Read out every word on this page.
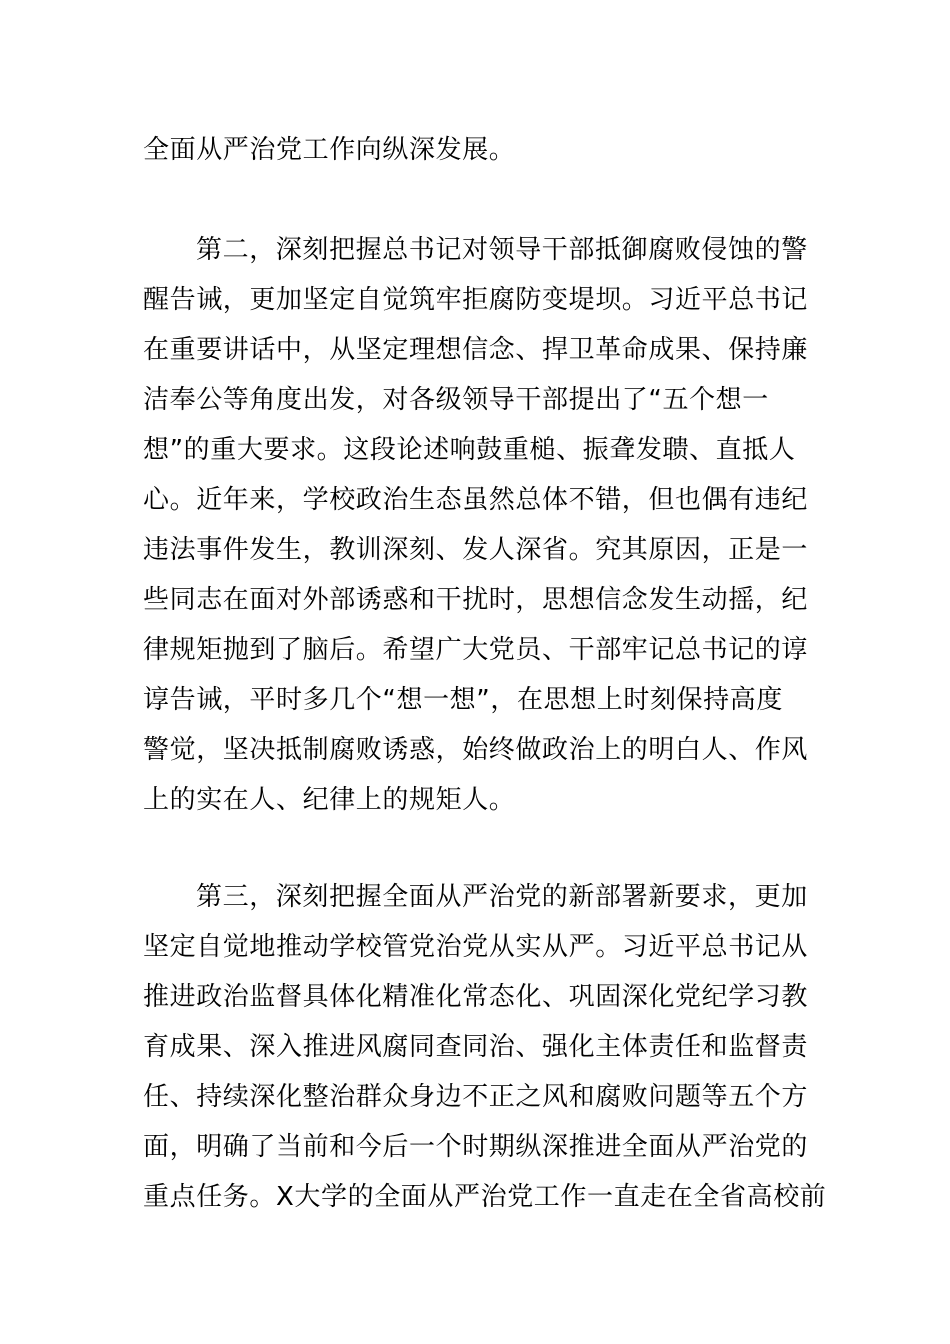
全面从严治党工作向纵深发展。
第二，深刻把握总书记对领导干部抵御腐败侵蚀的警
醒告诫，更加坚定自觉筑牢拒腐防变堤坝。习近平总书记
在重要讲话中，从坚定理想信念、捍卫革命成果、保持廉
洁奉公等角度出发，对各级领导干部提出了“五个想一
想”的重大要求。这段论述响鼓重槌、振聋发聩、直抵人
心。近年来，学校政治生态虽然总体不错，但也偶有违纪
违法事件发生，教训深刻、发人深省。究其原因，正是一
些同志在面对外部诱惑和干扰时，思想信念发生动摇，纪
律规矩抛到了脑后。希望广大党员、干部牢记总书记的谆
谆告诫，平时多几个“想一想”，在思想上时刻保持高度
警觉，坚决抵制腐败诱惑，始终做政治上的明白人、作风
上的实在人、纪律上的规矩人。
第三，深刻把握全面从严治党的新部署新要求，更加
坚定自觉地推动学校管党治党从实从严。习近平总书记从
推进政治监督具体化精准化常态化、巩固深化党纪学习教
育成果、深入推进风腐同查同治、强化主体责任和监督责
任、持续深化整治群众身边不正之风和腐败问题等五个方
面，明确了当前和今后一个时期纵深推进全面从严治党的
重点任务。X大学的全面从严治党工作一直走在全省高校前
